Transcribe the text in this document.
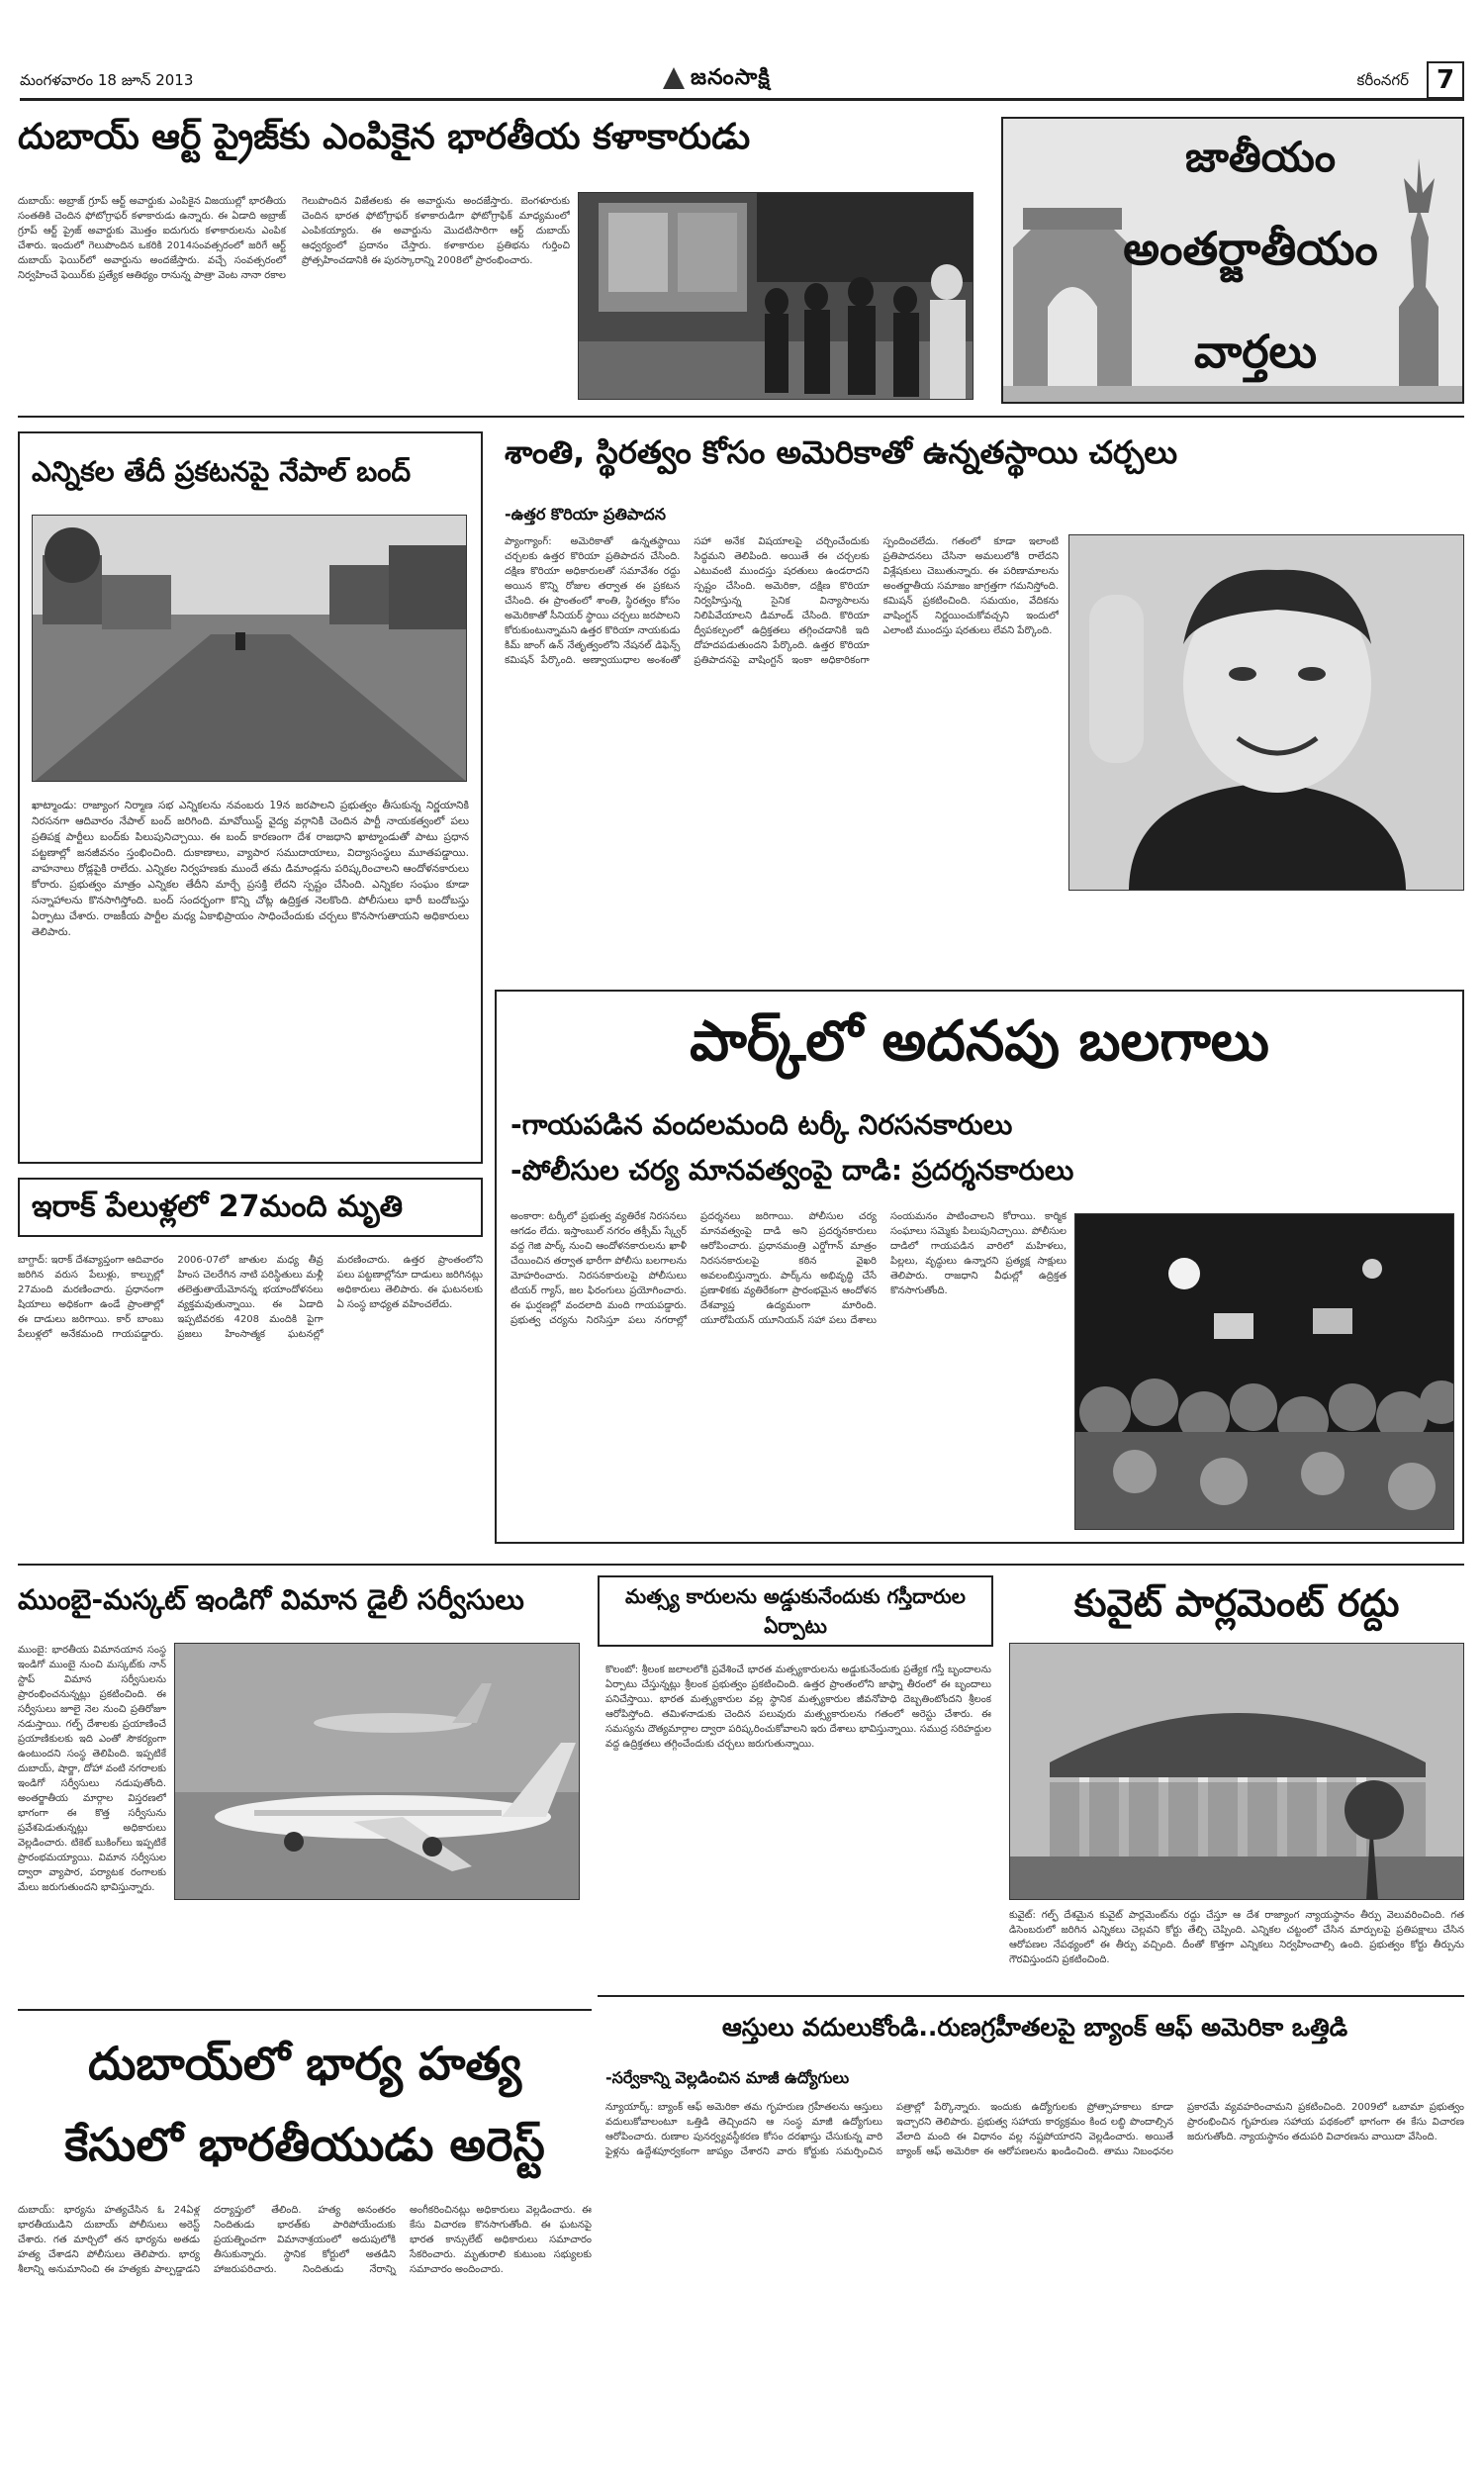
మంగళవారం 18 జూన్ 2013	జనంసాక్షి	కరీంనగర్	7
దుబాయ్ ఆర్ట్ ప్రైజ్‌కు ఎంపికైన భారతీయ కళాకారుడు
దుబాయ్: అబ్రాజ్ గ్రూప్ ఆర్ట్ అవార్డుకు ఎంపికైన విజయుల్లో భారతీయ సంతతికి చెందిన ఫోటోగ్రాఫర్ కళాకారుడు ఉన్నారు. ఈ ఏడాది అబ్రాజ్ గ్రూప్ ఆర్ట్ ప్రైజ్ అవార్డుకు మొత్తం ఐదుగురు కళాకారులను ఎంపిక చేశారు. ఇందులో గెలుపొందిన ఒకరికి 2014సంవత్సరంలో జరిగే ఆర్ట్ దుబాయ్ ఫెయిర్‌లో అవార్డును అందజేస్తారు. వచ్చే సంవత్సరంలో నిర్వహించే ఫెయిర్‌కు ప్రత్యేక ఆతిథ్యం రానున్న పాత్రా వెంట నానా రకాల గెలుపొందిన విజేతలకు ఈ అవార్డును అందజేస్తారు. బెంగళూరుకు చెందిన భారత ఫోటోగ్రాఫర్ కళాకారుడిగా ఫోటోగ్రాఫిక్ మాధ్యమంలో ఎంపికయ్యారు. ఈ అవార్డును మొదటిసారిగా ఆర్ట్ దుబాయ్ ఆధ్వర్యంలో ప్రదానం చేస్తారు. కళాకారుల ప్రతిభను గుర్తించి ప్రోత్సహించడానికి ఈ పురస్కారాన్ని 2008లో ప్రారంభించారు.
జాతీయం
అంతర్జాతీయం
వార్తలు
ఎన్నికల తేదీ ప్రకటనపై నేపాల్ బంద్
ఖాట్మాండు: రాజ్యాంగ నిర్మాణ సభ ఎన్నికలను నవంబరు 19న జరపాలని ప్రభుత్వం తీసుకున్న నిర్ణయానికి నిరసనగా ఆదివారం నేపాల్ బంద్ జరిగింది. మావోయిస్ట్ వైద్య వర్గానికి చెందిన పార్టీ నాయకత్వంలో పలు ప్రతిపక్ష పార్టీలు బంద్‌కు పిలుపునిచ్చాయి. ఈ బంద్ కారణంగా దేశ రాజధాని ఖాట్మాండుతో పాటు ప్రధాన పట్టణాల్లో జనజీవనం స్తంభించింది. దుకాణాలు, వ్యాపార సముదాయాలు, విద్యాసంస్థలు మూతపడ్డాయి. వాహనాలు రోడ్లపైకి రాలేదు. ఎన్నికల నిర్వహణకు ముందే తమ డిమాండ్లను పరిష్కరించాలని ఆందోళనకారులు కోరారు. ప్రభుత్వం మాత్రం ఎన్నికల తేదీని మార్చే ప్రసక్తి లేదని స్పష్టం చేసింది. ఎన్నికల సంఘం కూడా సన్నాహాలను కొనసాగిస్తోంది. బంద్ సందర్భంగా కొన్ని చోట్ల ఉద్రిక్తత నెలకొంది. పోలీసులు భారీ బందోబస్తు ఏర్పాటు చేశారు. రాజకీయ పార్టీల మధ్య ఏకాభిప్రాయం సాధించేందుకు చర్చలు కొనసాగుతాయని అధికారులు తెలిపారు.
శాంతి, స్థిరత్వం కోసం అమెరికాతో ఉన్నతస్థాయి చర్చలు
-ఉత్తర కొరియా ప్రతిపాదన
ప్యాంగ్యాంగ్: అమెరికాతో ఉన్నతస్థాయి చర్చలకు ఉత్తర కొరియా ప్రతిపాదన చేసింది. దక్షిణ కొరియా అధికారులతో సమావేశం రద్దు అయిన కొన్ని రోజుల తర్వాత ఈ ప్రకటన చేసింది. ఈ ప్రాంతంలో శాంతి, స్థిరత్వం కోసం అమెరికాతో సీనియర్ స్థాయి చర్చలు జరపాలని కోరుకుంటున్నామని ఉత్తర కొరియా నాయకుడు కిమ్ జాంగ్ ఉన్ నేతృత్వంలోని నేషనల్ డిఫెన్స్ కమిషన్ పేర్కొంది. అణ్వాయుధాల అంశంతో సహా అనేక విషయాలపై చర్చించేందుకు సిద్ధమని తెలిపింది. అయితే ఈ చర్చలకు ఎటువంటి ముందస్తు షరతులు ఉండరాదని స్పష్టం చేసింది. అమెరికా, దక్షిణ కొరియా నిర్వహిస్తున్న సైనిక విన్యాసాలను నిలిపివేయాలని డిమాండ్ చేసింది. కొరియా ద్వీపకల్పంలో ఉద్రిక్తతలు తగ్గించడానికి ఇది దోహదపడుతుందని పేర్కొంది. ఉత్తర కొరియా ప్రతిపాదనపై వాషింగ్టన్ ఇంకా అధికారికంగా స్పందించలేదు. గతంలో కూడా ఇలాంటి ప్రతిపాదనలు చేసినా అమలులోకి రాలేదని విశ్లేషకులు చెబుతున్నారు. ఈ పరిణామాలను అంతర్జాతీయ సమాజం జాగ్రత్తగా గమనిస్తోంది. కమిషన్ ప్రకటించింది. సమయం, వేదికను వాషింగ్టన్ నిర్ణయించుకోవచ్చని ఇందులో ఎలాంటి ముందస్తు షరతులు లేవని పేర్కొంది.
పార్క్‌లో అదనపు బలగాలు
-గాయపడిన వందలమంది టర్కీ నిరసనకారులు
-పోలీసుల చర్య మానవత్వంపై దాడి: ప్రదర్శనకారులు
అంకారా: టర్కీలో ప్రభుత్వ వ్యతిరేక నిరసనలు ఆగడం లేదు. ఇస్తాంబుల్ నగరం తక్సీమ్ స్క్వేర్ వద్ద గెజి పార్క్ నుంచి ఆందోళనకారులను ఖాళీ చేయించిన తర్వాత భారీగా పోలీసు బలగాలను మోహరించారు. నిరసనకారులపై పోలీసులు టియర్ గ్యాస్, జల ఫిరంగులు ప్రయోగించారు. ఈ ఘర్షణల్లో వందలాది మంది గాయపడ్డారు. ప్రభుత్వ చర్యను నిరసిస్తూ పలు నగరాల్లో ప్రదర్శనలు జరిగాయి. పోలీసుల చర్య మానవత్వంపై దాడి అని ప్రదర్శనకారులు ఆరోపించారు. ప్రధానమంత్రి ఎర్డోగాన్ మాత్రం నిరసనకారులపై కఠిన వైఖరి అవలంబిస్తున్నారు. పార్క్‌ను అభివృద్ధి చేసే ప్రణాళికకు వ్యతిరేకంగా ప్రారంభమైన ఆందోళన దేశవ్యాప్త ఉద్యమంగా మారింది. యూరోపియన్ యూనియన్ సహా పలు దేశాలు సంయమనం పాటించాలని కోరాయి. కార్మిక సంఘాలు సమ్మెకు పిలుపునిచ్చాయి. పోలీసుల దాడిలో గాయపడిన వారిలో మహిళలు, పిల్లలు, వృద్ధులు ఉన్నారని ప్రత్యక్ష సాక్షులు తెలిపారు. రాజధాని వీధుల్లో ఉద్రిక్తత కొనసాగుతోంది.
ఇరాక్ పేలుళ్లలో 27మంది మృతి
బాగ్దాద్: ఇరాక్ దేశవ్యాప్తంగా ఆదివారం జరిగిన వరుస పేలుళ్లు, కాల్పుల్లో 27మంది మరణించారు. ప్రధానంగా షియాలు అధికంగా ఉండే ప్రాంతాల్లో ఈ దాడులు జరిగాయి. కార్ బాంబు పేలుళ్లలో అనేకమంది గాయపడ్డారు. 2006-07లో జాతుల మధ్య తీవ్ర హింస చెలరేగిన నాటి పరిస్థితులు మళ్లీ తలెత్తుతాయేమోనన్న భయాందోళనలు వ్యక్తమవుతున్నాయి. ఈ ఏడాది ఇప్పటివరకు 4208 మందికి పైగా ప్రజలు హింసాత్మక ఘటనల్లో మరణించారు. ఉత్తర ప్రాంతంలోని పలు పట్టణాల్లోనూ దాడులు జరిగినట్లు అధికారులు తెలిపారు. ఈ ఘటనలకు ఏ సంస్థ బాధ్యత వహించలేదు.
ముంబై-మస్కట్ ఇండిగో విమాన డైలీ సర్వీసులు
ముంబై: భారతీయ విమానయాన సంస్థ ఇండిగో ముంబై నుంచి మస్కట్‌కు నాన్ స్టాప్ విమాన సర్వీసులను ప్రారంభించనున్నట్లు ప్రకటించింది. ఈ సర్వీసులు జూలై నెల నుంచి ప్రతిరోజూ నడుస్తాయి. గల్ఫ్ దేశాలకు ప్రయాణించే ప్రయాణికులకు ఇది ఎంతో సౌకర్యంగా ఉంటుందని సంస్థ తెలిపింది. ఇప్పటికే దుబాయ్, షార్జా, దోహా వంటి నగరాలకు ఇండిగో సర్వీసులు నడుపుతోంది. అంతర్జాతీయ మార్గాల విస్తరణలో భాగంగా ఈ కొత్త సర్వీసును ప్రవేశపెడుతున్నట్లు అధికారులు వెల్లడించారు. టికెట్ బుకింగ్‌లు ఇప్పటికే ప్రారంభమయ్యాయి. విమాన సర్వీసుల ద్వారా వ్యాపార, పర్యాటక రంగాలకు మేలు జరుగుతుందని భావిస్తున్నారు.
మత్స్య కారులను అడ్డుకునేందుకు గస్తీదారుల ఏర్పాటు
కొలంబో: శ్రీలంక జలాలలోకి ప్రవేశించే భారత మత్స్యకారులను అడ్డుకునేందుకు ప్రత్యేక గస్తీ బృందాలను ఏర్పాటు చేస్తున్నట్లు శ్రీలంక ప్రభుత్వం ప్రకటించింది. ఉత్తర ప్రాంతంలోని జాఫ్నా తీరంలో ఈ బృందాలు పనిచేస్తాయి. భారత మత్స్యకారుల వల్ల స్థానిక మత్స్యకారుల జీవనోపాధి దెబ్బతింటోందని శ్రీలంక ఆరోపిస్తోంది. తమిళనాడుకు చెందిన పలువురు మత్స్యకారులను గతంలో అరెస్టు చేశారు. ఈ సమస్యను దౌత్యమార్గాల ద్వారా పరిష్కరించుకోవాలని ఇరు దేశాలు భావిస్తున్నాయి. సముద్ర సరిహద్దుల వద్ద ఉద్రిక్తతలు తగ్గించేందుకు చర్చలు జరుగుతున్నాయి.
కువైట్ పార్లమెంట్ రద్దు
కువైట్: గల్ఫ్ దేశమైన కువైట్ పార్లమెంట్‌ను రద్దు చేస్తూ ఆ దేశ రాజ్యాంగ న్యాయస్థానం తీర్పు వెలువరించింది. గత డిసెంబరులో జరిగిన ఎన్నికలు చెల్లవని కోర్టు తేల్చి చెప్పింది. ఎన్నికల చట్టంలో చేసిన మార్పులపై ప్రతిపక్షాలు చేసిన ఆరోపణల నేపథ్యంలో ఈ తీర్పు వచ్చింది. దీంతో కొత్తగా ఎన్నికలు నిర్వహించాల్సి ఉంది. ప్రభుత్వం కోర్టు తీర్పును గౌరవిస్తుందని ప్రకటించింది.
దుబాయ్‌లో భార్య హత్య
కేసులో భారతీయుడు అరెస్ట్
దుబాయ్: భార్యను హత్యచేసిన ఓ 24ఏళ్ల భారతీయుడిని దుబాయ్ పోలీసులు అరెస్ట్ చేశారు. గత మార్చిలో తన భార్యను అతడు హత్య చేశాడని పోలీసులు తెలిపారు. భార్య శీలాన్ని అనుమానించి ఈ హత్యకు పాల్పడ్డాడని దర్యాప్తులో తేలింది. హత్య అనంతరం నిందితుడు భారత్‌కు పారిపోయేందుకు ప్రయత్నించగా విమానాశ్రయంలో అదుపులోకి తీసుకున్నారు. స్థానిక కోర్టులో అతడిని హాజరుపరిచారు. నిందితుడు నేరాన్ని అంగీకరించినట్లు అధికారులు వెల్లడించారు. ఈ కేసు విచారణ కొనసాగుతోంది. ఈ ఘటనపై భారత కాన్సులేట్ అధికారులు సమాచారం సేకరించారు. మృతురాలి కుటుంబ సభ్యులకు సమాచారం అందించారు.
ఆస్తులు వదులుకోండి..రుణగ్రహీతలపై బ్యాంక్ ఆఫ్ అమెరికా ఒత్తిడి
-సర్వేకాన్ని వెల్లడించిన మాజీ ఉద్యోగులు
న్యూయార్క్: బ్యాంక్ ఆఫ్ అమెరికా తమ గృహరుణ గ్రహీతలను ఆస్తులు వదులుకోవాలంటూ ఒత్తిడి తెచ్చిందని ఆ సంస్థ మాజీ ఉద్యోగులు ఆరోపించారు. రుణాల పునర్వ్యవస్థీకరణ కోసం దరఖాస్తు చేసుకున్న వారి ఫైళ్లను ఉద్దేశపూర్వకంగా జాప్యం చేశారని వారు కోర్టుకు సమర్పించిన పత్రాల్లో పేర్కొన్నారు. ఇందుకు ఉద్యోగులకు ప్రోత్సాహకాలు కూడా ఇచ్చారని తెలిపారు. ప్రభుత్వ సహాయ కార్యక్రమం కింద లబ్ధి పొందాల్సిన వేలాది మంది ఈ విధానం వల్ల నష్టపోయారని వెల్లడించారు. అయితే బ్యాంక్ ఆఫ్ అమెరికా ఈ ఆరోపణలను ఖండించింది. తాము నిబంధనల ప్రకారమే వ్యవహరించామని ప్రకటించింది. 2009లో ఒబామా ప్రభుత్వం ప్రారంభించిన గృహరుణ సహాయ పథకంలో భాగంగా ఈ కేసు విచారణ జరుగుతోంది. న్యాయస్థానం తదుపరి విచారణను వాయిదా వేసింది.
